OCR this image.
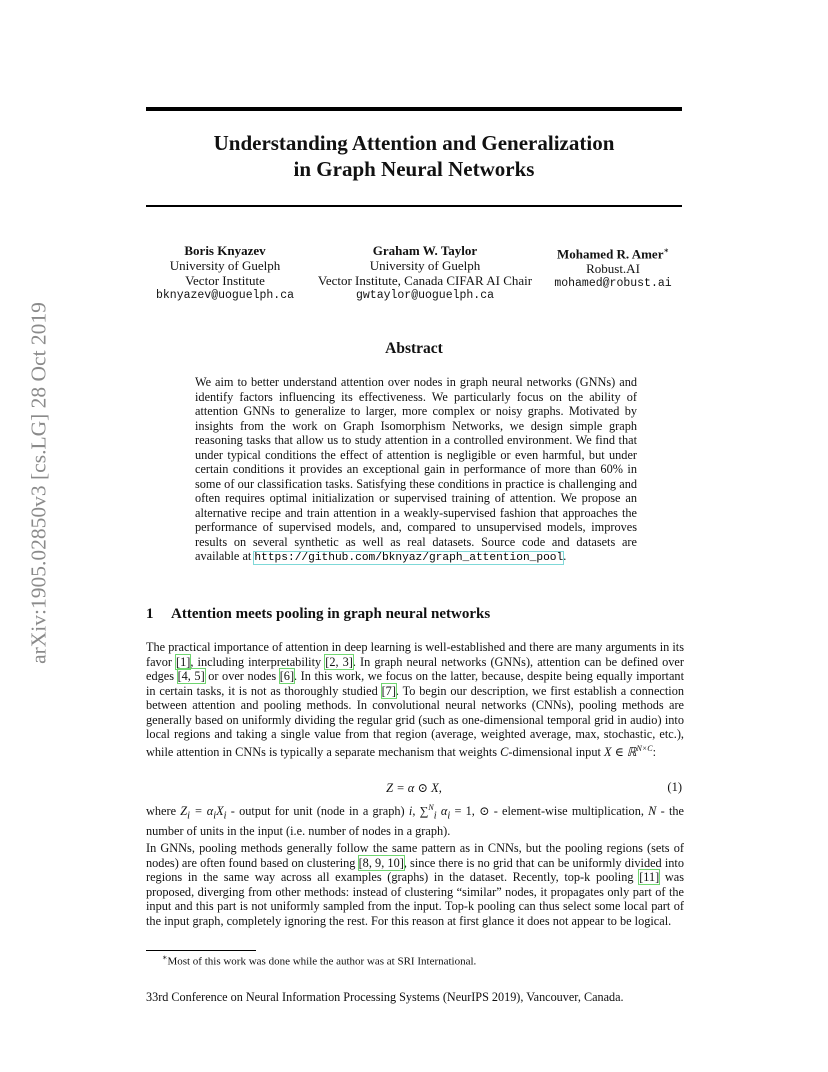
Understanding Attention and Generalization
in Graph Neural Networks
arXiv:1905.02850v3 [cs.LG] 28 Oct 2019
Boris Knyazev
University of Guelph
Vector Institute
bknyazev@uoguelph.ca
Graham W. Taylor
University of Guelph
Vector Institute, Canada CIFAR AI Chair
gwtaylor@uoguelph.ca
Mohamed R. Amer∗
Robust.AI
mohamed@robust.ai
Abstract
We aim to better understand attention over nodes in graph neural networks (GNNs) and identify factors influencing its effectiveness. We particularly focus on the ability of attention GNNs to generalize to larger, more complex or noisy graphs. Motivated by insights from the work on Graph Isomorphism Networks, we design simple graph reasoning tasks that allow us to study attention in a controlled environment. We find that under typical conditions the effect of attention is negligible or even harmful, but under certain conditions it provides an exceptional gain in performance of more than 60% in some of our classification tasks. Satisfying these conditions in practice is challenging and often requires optimal initialization or supervised training of attention. We propose an alternative recipe and train attention in a weakly-supervised fashion that approaches the performance of supervised models, and, compared to unsupervised models, improves results on several synthetic as well as real datasets. Source code and datasets are available at https://github.com/bknyaz/graph_attention_pool.
1 Attention meets pooling in graph neural networks

The practical importance of attention in deep learning is well-established and there are many arguments in its favor [1], including interpretability [2, 3]. In graph neural networks (GNNs), attention can be defined over edges [4, 5] or over nodes [6]. In this work, we focus on the latter, because, despite being equally important in certain tasks, it is not as thoroughly studied [7]. To begin our description, we first establish a connection between attention and pooling methods. In convolutional neural networks (CNNs), pooling methods are generally based on uniformly dividing the regular grid (such as one-dimensional temporal grid in audio) into local regions and taking a single value from that region (average, weighted average, max, stochastic, etc.), while attention in CNNs is typically a separate mechanism that weights C-dimensional input X ∈ ℝ$^{N\times C}$:

Z = α ⊙ X,	(1)

where $Z_i = \alpha_iX_i$ - output for unit (node in a graph) i, ∑$^N_i$ $\alpha_i = 1$, ⊙ - element-wise multiplication, N - the number of units in the input (i.e. number of nodes in a graph).

In GNNs, pooling methods generally follow the same pattern as in CNNs, but the pooling regions (sets of nodes) are often found based on clustering [8, 9, 10], since there is no grid that can be uniformly divided into regions in the same way across all examples (graphs) in the dataset. Recently, top-k pooling [11] was proposed, diverging from other methods: instead of clustering “similar” nodes, it propagates only part of the input and this part is not uniformly sampled from the input. Top-k pooling can thus select some local part of the input graph, completely ignoring the rest. For this reason at first glance it does not appear to be logical.

∗Most of this work was done while the author was at SRI International.
33rd Conference on Neural Information Processing Systems (NeurIPS 2019), Vancouver, Canada.
